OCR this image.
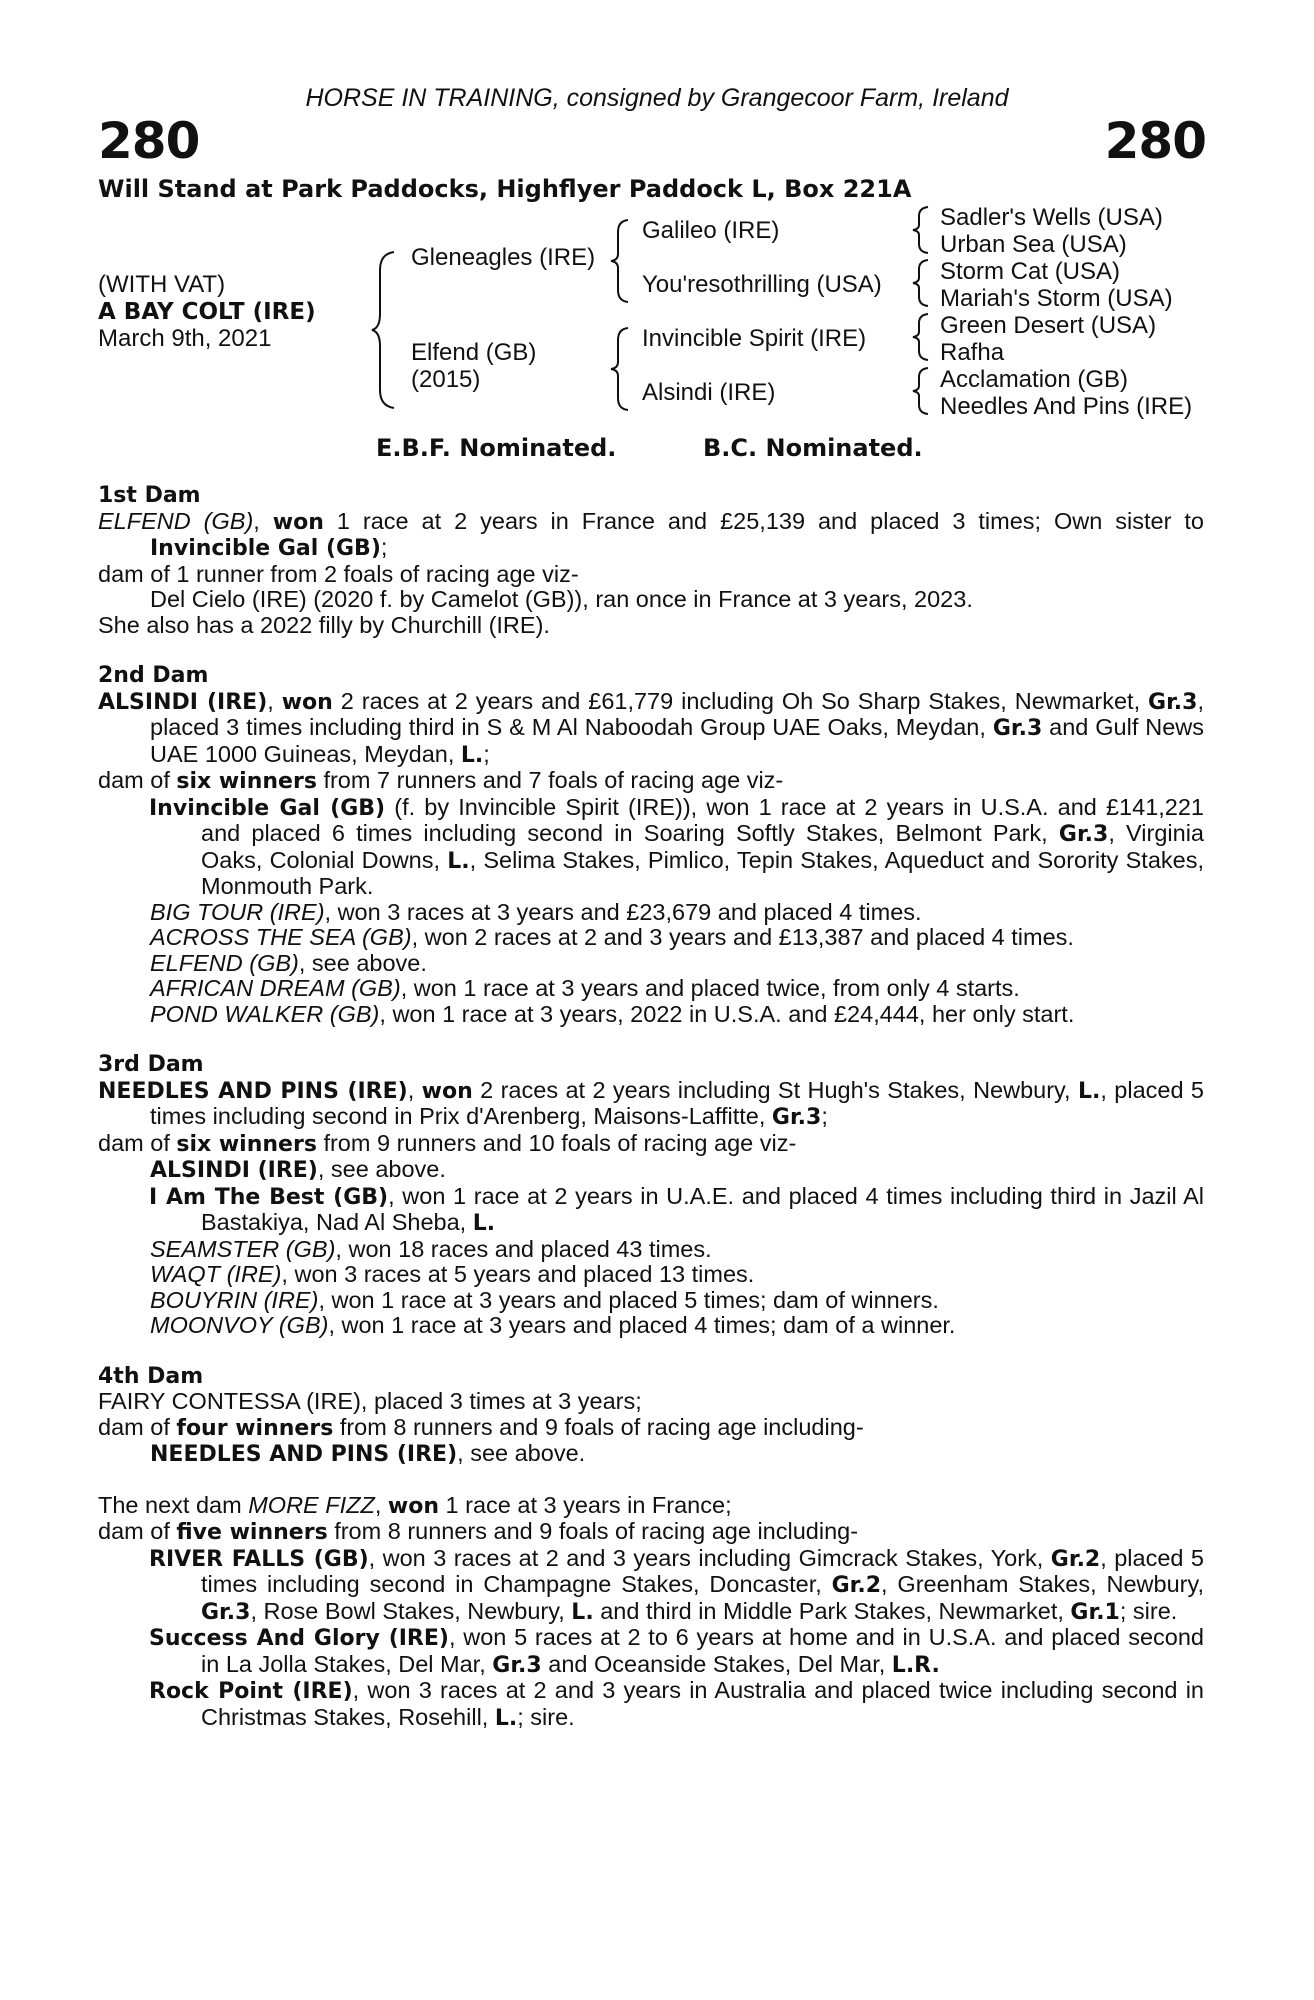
HORSE IN TRAINING, consigned by Grangecoor Farm, Ireland
280	280
Will Stand at Park Paddocks, Highflyer Paddock L, Box 221A
(WITH VAT)
A BAY COLT (IRE)
March 9th, 2021
Gleneagles (IRE)
Elfend (GB)
(2015)
Galileo (IRE)
You'resothrilling (USA)
Invincible Spirit (IRE)
Alsindi (IRE)
Sadler's Wells (USA)
Urban Sea (USA)
Storm Cat (USA)
Mariah's Storm (USA)
Green Desert (USA)
Rafha
Acclamation (GB)
Needles And Pins (IRE)
E.B.F. Nominated.	B.C. Nominated.

1st Dam

ELFEND (GB), won 1 race at 2 years in France and £25,139 and placed 3 times; Own sister to Invincible Gal (GB);

dam of 1 runner from 2 foals of racing age viz-

Del Cielo (IRE) (2020 f. by Camelot (GB)), ran once in France at 3 years, 2023.

She also has a 2022 filly by Churchill (IRE).

2nd Dam

ALSINDI (IRE), won 2 races at 2 years and £61,779 including Oh So Sharp Stakes, Newmarket, Gr.3, placed 3 times including third in S & M Al Naboodah Group UAE Oaks, Meydan, Gr.3 and Gulf News UAE 1000 Guineas, Meydan, L.;

dam of six winners from 7 runners and 7 foals of racing age viz-

Invincible Gal (GB) (f. by Invincible Spirit (IRE)), won 1 race at 2 years in U.S.A. and £141,221 and placed 6 times including second in Soaring Softly Stakes, Belmont Park, Gr.3, Virginia Oaks, Colonial Downs, L., Selima Stakes, Pimlico, Tepin Stakes, Aqueduct and Sorority Stakes, Monmouth Park.

BIG TOUR (IRE), won 3 races at 3 years and £23,679 and placed 4 times.

ACROSS THE SEA (GB), won 2 races at 2 and 3 years and £13,387 and placed 4 times.

ELFEND (GB), see above.

AFRICAN DREAM (GB), won 1 race at 3 years and placed twice, from only 4 starts.

POND WALKER (GB), won 1 race at 3 years, 2022 in U.S.A. and £24,444, her only start.

3rd Dam

NEEDLES AND PINS (IRE), won 2 races at 2 years including St Hugh's Stakes, Newbury, L., placed 5 times including second in Prix d'Arenberg, Maisons-Laffitte, Gr.3;

dam of six winners from 9 runners and 10 foals of racing age viz-

ALSINDI (IRE), see above.

I Am The Best (GB), won 1 race at 2 years in U.A.E. and placed 4 times including third in Jazil Al Bastakiya, Nad Al Sheba, L.

SEAMSTER (GB), won 18 races and placed 43 times.

WAQT (IRE), won 3 races at 5 years and placed 13 times.

BOUYRIN (IRE), won 1 race at 3 years and placed 5 times; dam of winners.

MOONVOY (GB), won 1 race at 3 years and placed 4 times; dam of a winner.

4th Dam

FAIRY CONTESSA (IRE), placed 3 times at 3 years;

dam of four winners from 8 runners and 9 foals of racing age including-

NEEDLES AND PINS (IRE), see above.

The next dam MORE FIZZ, won 1 race at 3 years in France;

dam of five winners from 8 runners and 9 foals of racing age including-

RIVER FALLS (GB), won 3 races at 2 and 3 years including Gimcrack Stakes, York, Gr.2, placed 5 times including second in Champagne Stakes, Doncaster, Gr.2, Greenham Stakes, Newbury, Gr.3, Rose Bowl Stakes, Newbury, L. and third in Middle Park Stakes, Newmarket, Gr.1; sire.

Success And Glory (IRE), won 5 races at 2 to 6 years at home and in U.S.A. and placed second in La Jolla Stakes, Del Mar, Gr.3 and Oceanside Stakes, Del Mar, L.R.

Rock Point (IRE), won 3 races at 2 and 3 years in Australia and placed twice including second in Christmas Stakes, Rosehill, L.; sire.
